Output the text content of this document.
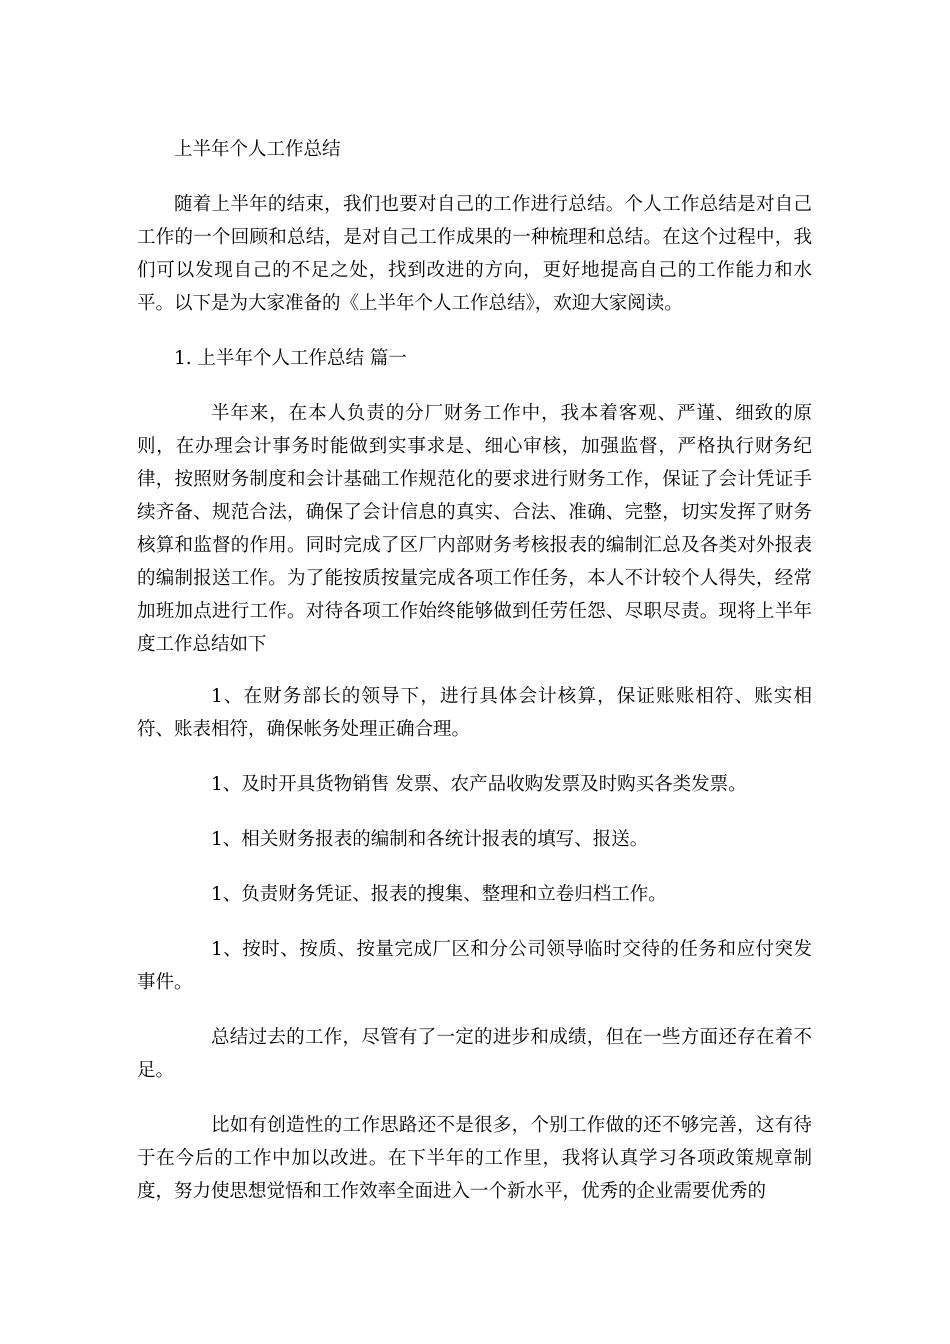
上半年个人工作总结

随着上半年的结束，我们也要对自己的工作进行总结。个人工作总结是对自己工作的一个回顾和总结，是对自己工作成果的一种梳理和总结。在这个过程中，我们可以发现自己的不足之处，找到改进的方向，更好地提高自己的工作能力和水平。以下是为大家准备的《上半年个人工作总结》，欢迎大家阅读。

1. 上半年个人工作总结 篇一

半年来，在本人负责的分厂财务工作中，我本着客观、严谨、细致的原则，在办理会计事务时能做到实事求是、细心审核，加强监督，严格执行财务纪律，按照财务制度和会计基础工作规范化的要求进行财务工作，保证了会计凭证手续齐备、规范合法，确保了会计信息的真实、合法、准确、完整，切实发挥了财务核算和监督的作用。同时完成了区厂内部财务考核报表的编制汇总及各类对外报表的编制报送工作。为了能按质按量完成各项工作任务，本人不计较个人得失，经常加班加点进行工作。对待各项工作始终能够做到任劳任怨、尽职尽责。现将上半年度工作总结如下

1、在财务部长的领导下，进行具体会计核算，保证账账相符、账实相符、账表相符，确保帐务处理正确合理。

1、及时开具货物销售 发票、农产品收购发票及时购买各类发票。

1、相关财务报表的编制和各统计报表的填写、报送。

1、负责财务凭证、报表的搜集、整理和立卷归档工作。

1、按时、按质、按量完成厂区和分公司领导临时交待的任务和应付突发事件。

总结过去的工作，尽管有了一定的进步和成绩，但在一些方面还存在着不足。

比如有创造性的工作思路还不是很多，个别工作做的还不够完善，这有待于在今后的工作中加以改进。在下半年的工作里，我将认真学习各项政策规章制度，努力使思想觉悟和工作效率全面进入一个新水平，优秀的企业需要优秀的
